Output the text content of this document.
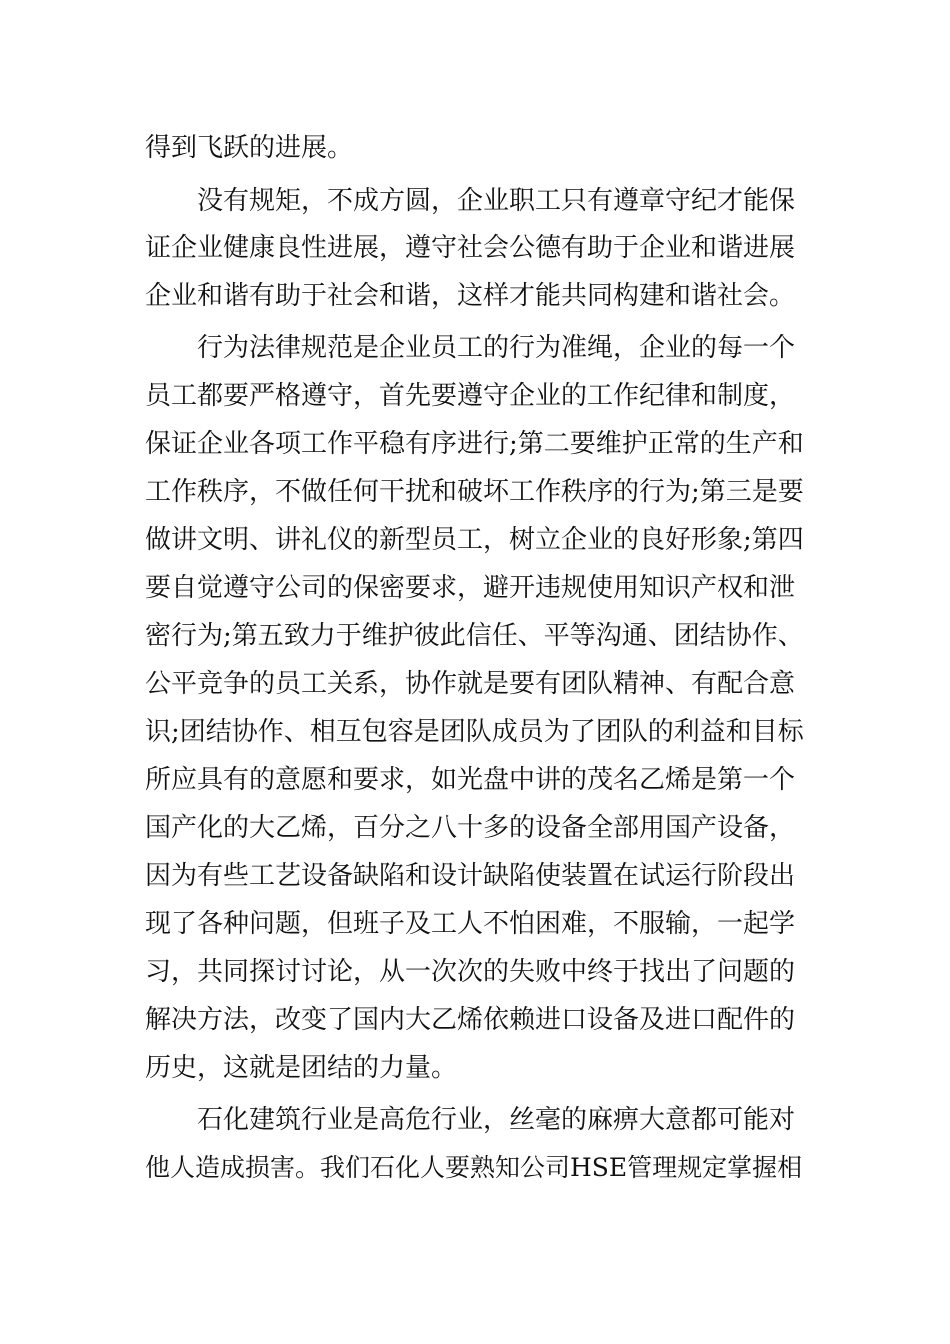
得到飞跃的进展。
没有规矩，不成方圆，企业职工只有遵章守纪才能保
证企业健康良性进展，遵守社会公德有助于企业和谐进展
企业和谐有助于社会和谐，这样才能共同构建和谐社会。
行为法律规范是企业员工的行为准绳，企业的每一个
员工都要严格遵守，首先要遵守企业的工作纪律和制度，
保证企业各项工作平稳有序进行;第二要维护正常的生产和
工作秩序，不做任何干扰和破坏工作秩序的行为;第三是要
做讲文明、讲礼仪的新型员工，树立企业的良好形象;第四
要自觉遵守公司的保密要求，避开违规使用知识产权和泄
密行为;第五致力于维护彼此信任、平等沟通、团结协作、
公平竞争的员工关系，协作就是要有团队精神、有配合意
识;团结协作、相互包容是团队成员为了团队的利益和目标
所应具有的意愿和要求，如光盘中讲的茂名乙烯是第一个
国产化的大乙烯，百分之八十多的设备全部用国产设备，
因为有些工艺设备缺陷和设计缺陷使装置在试运行阶段出
现了各种问题，但班子及工人不怕困难，不服输，一起学
习，共同探讨讨论，从一次次的失败中终于找出了问题的
解决方法，改变了国内大乙烯依赖进口设备及进口配件的
历史，这就是团结的力量。
石化建筑行业是高危行业，丝毫的麻痹大意都可能对
他人造成损害。我们石化人要熟知公司HSE管理规定掌握相
